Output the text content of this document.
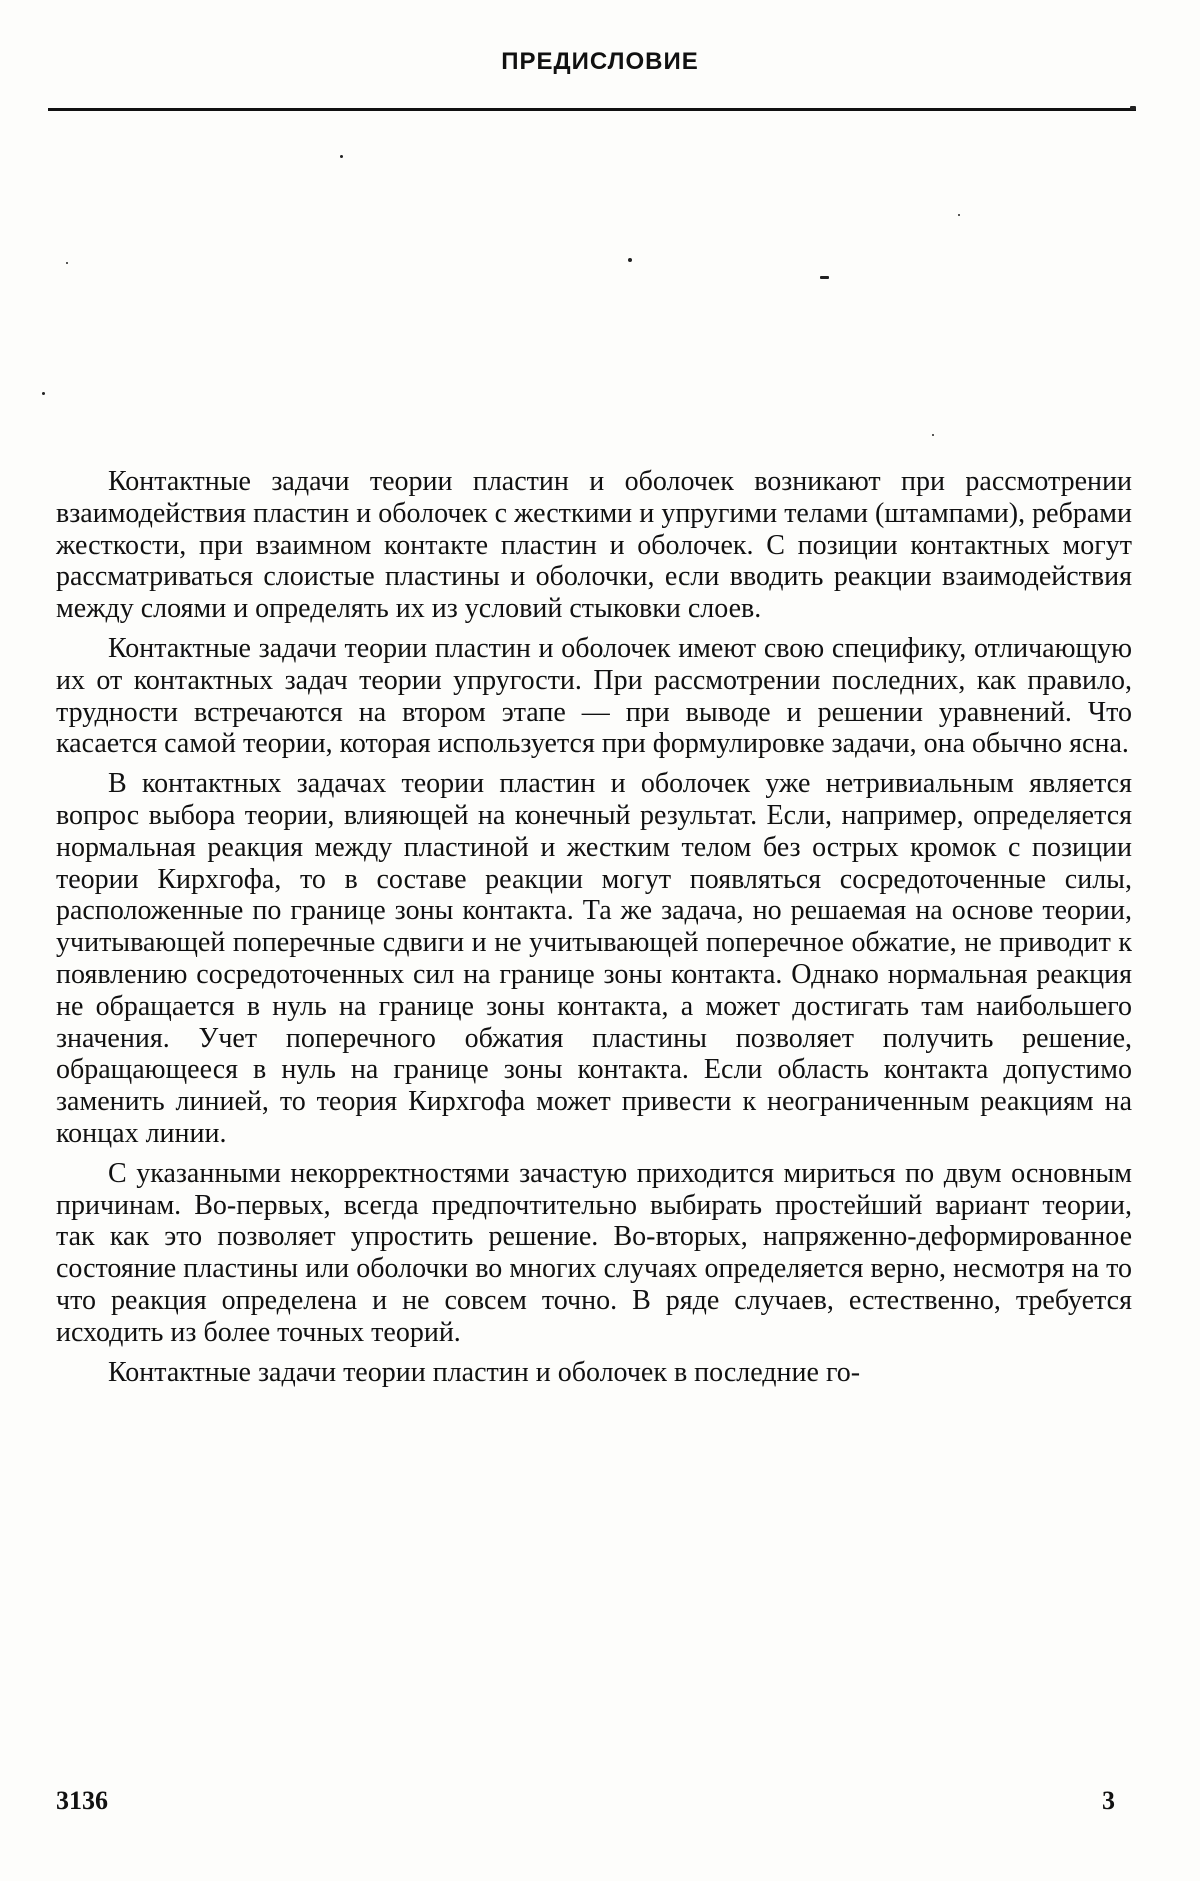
ПРЕДИСЛОВИЕ

Контактные задачи теории пластин и оболочек возникают при рассмотрении взаимодействия пластин и оболочек с жесткими и упругими телами (штампами), ребрами жесткости, при взаимном контакте пластин и оболочек. С позиции контактных могут рассматриваться слоистые пластины и оболочки, если вводить реакции взаимодействия между слоями и определять их из условий стыковки слоев.

Контактные задачи теории пластин и оболочек имеют свою специфику, отличающую их от контактных задач теории упругости. При рассмотрении последних, как правило, трудности встречаются на втором этапе — при выводе и решении уравнений. Что касается самой теории, которая используется при формулировке задачи, она обычно ясна.

В контактных задачах теории пластин и оболочек уже нетривиальным является вопрос выбора теории, влияющей на конечный результат. Если, например, определяется нормальная реакция между пластиной и жестким телом без острых кромок с позиции теории Кирхгофа, то в составе реакции могут появляться сосредоточенные силы, расположенные по границе зоны контакта. Та же задача, но решаемая на основе теории, учитывающей поперечные сдвиги и не учитывающей поперечное обжатие, не приводит к появлению сосредоточенных сил на границе зоны контакта. Однако нормальная реакция не обращается в нуль на границе зоны контакта, а может достигать там наибольшего значения. Учет поперечного обжатия пластины позволяет получить решение, обращающееся в нуль на границе зоны контакта. Если область контакта допустимо заменить линией, то теория Кирхгофа может привести к неограниченным реакциям на концах линии.

С указанными некорректностями зачастую приходится мириться по двум основным причинам. Во-первых, всегда предпочтительно выбирать простейший вариант теории, так как это позволяет упростить решение. Во-вторых, напряженно-деформированное состояние пластины или оболочки во многих случаях определяется верно, несмотря на то что реакция определена и не совсем точно. В ряде случаев, естественно, требуется исходить из более точных теорий.

Контактные задачи теории пластин и оболочек в последние го-

3136	3
